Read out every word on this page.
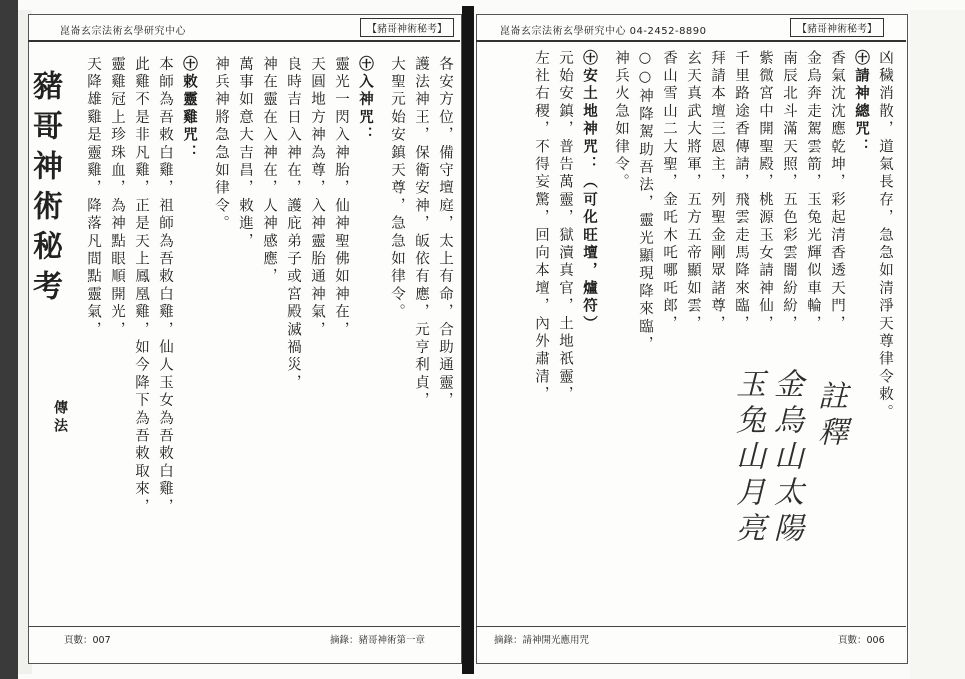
崑崙玄宗法術玄學研究中心	【豬哥神術秘考】
豬哥神術秘考
傳法
各安方位，備守壇庭，太上有命，合助通靈，
護法神王，保衛安神，皈依有應，元亨利貞，
大聖元始安鎮天尊，急急如律令。
㊉入神咒：
靈光一閃入神胎，仙神聖佛如神在，
天圓地方神為尊，入神靈胎通神氣，
良時吉日入神在，護庇弟子或宮殿滅禍災，
神在靈在入神在，人神感應，
萬事如意大吉昌，敕進，
神兵神將急急如律令。
㊉敕靈雞咒：
本師為吾敕白雞，祖師為吾敕白雞，仙人玉女為吾敕白雞，
此雞不是非凡雞，正是天上鳳凰雞，如今降下為吾敕取來，
靈雞冠上珍珠血，為神點眼順開光，
天降雄雞是靈雞，降落凡間點靈氣，
頁數：007	摘錄：豬哥神術第一章
崑崙玄宗法術玄學研究中心 04-2452-8890	【豬哥神術秘考】
凶穢消散，道氣長存，急急如清淨天尊律令敕。
㊉請神總咒：
香氣沈沈應乾坤，彩起清香透天門，
金烏奔走駕雲箭，玉兔光輝似車輪，
南辰北斗滿天照，五色彩雲闇紛紛，
紫微宮中開聖殿，桃源玉女請神仙，
千里路途香傳請，飛雲走馬降來臨，
拜請本壇三恩主，列聖金剛眾諸尊，
玄天真武大將軍，五方五帝顯如雲，
香山雪山二大聖，金吒木吒哪吒郎，
○○神降駕助吾法，靈光顯現降來臨，
神兵火急如律令。
㊉安土地神咒：（可化旺壇，爐符）
元始安鎮，普告萬靈，獄瀆真官，土地祇靈，
左社右稷，不得妄驚，回向本壇，內外肅清，
註釋
金烏山太陽
玉兔山月亮
摘錄：請神開光應用咒	頁數：006
